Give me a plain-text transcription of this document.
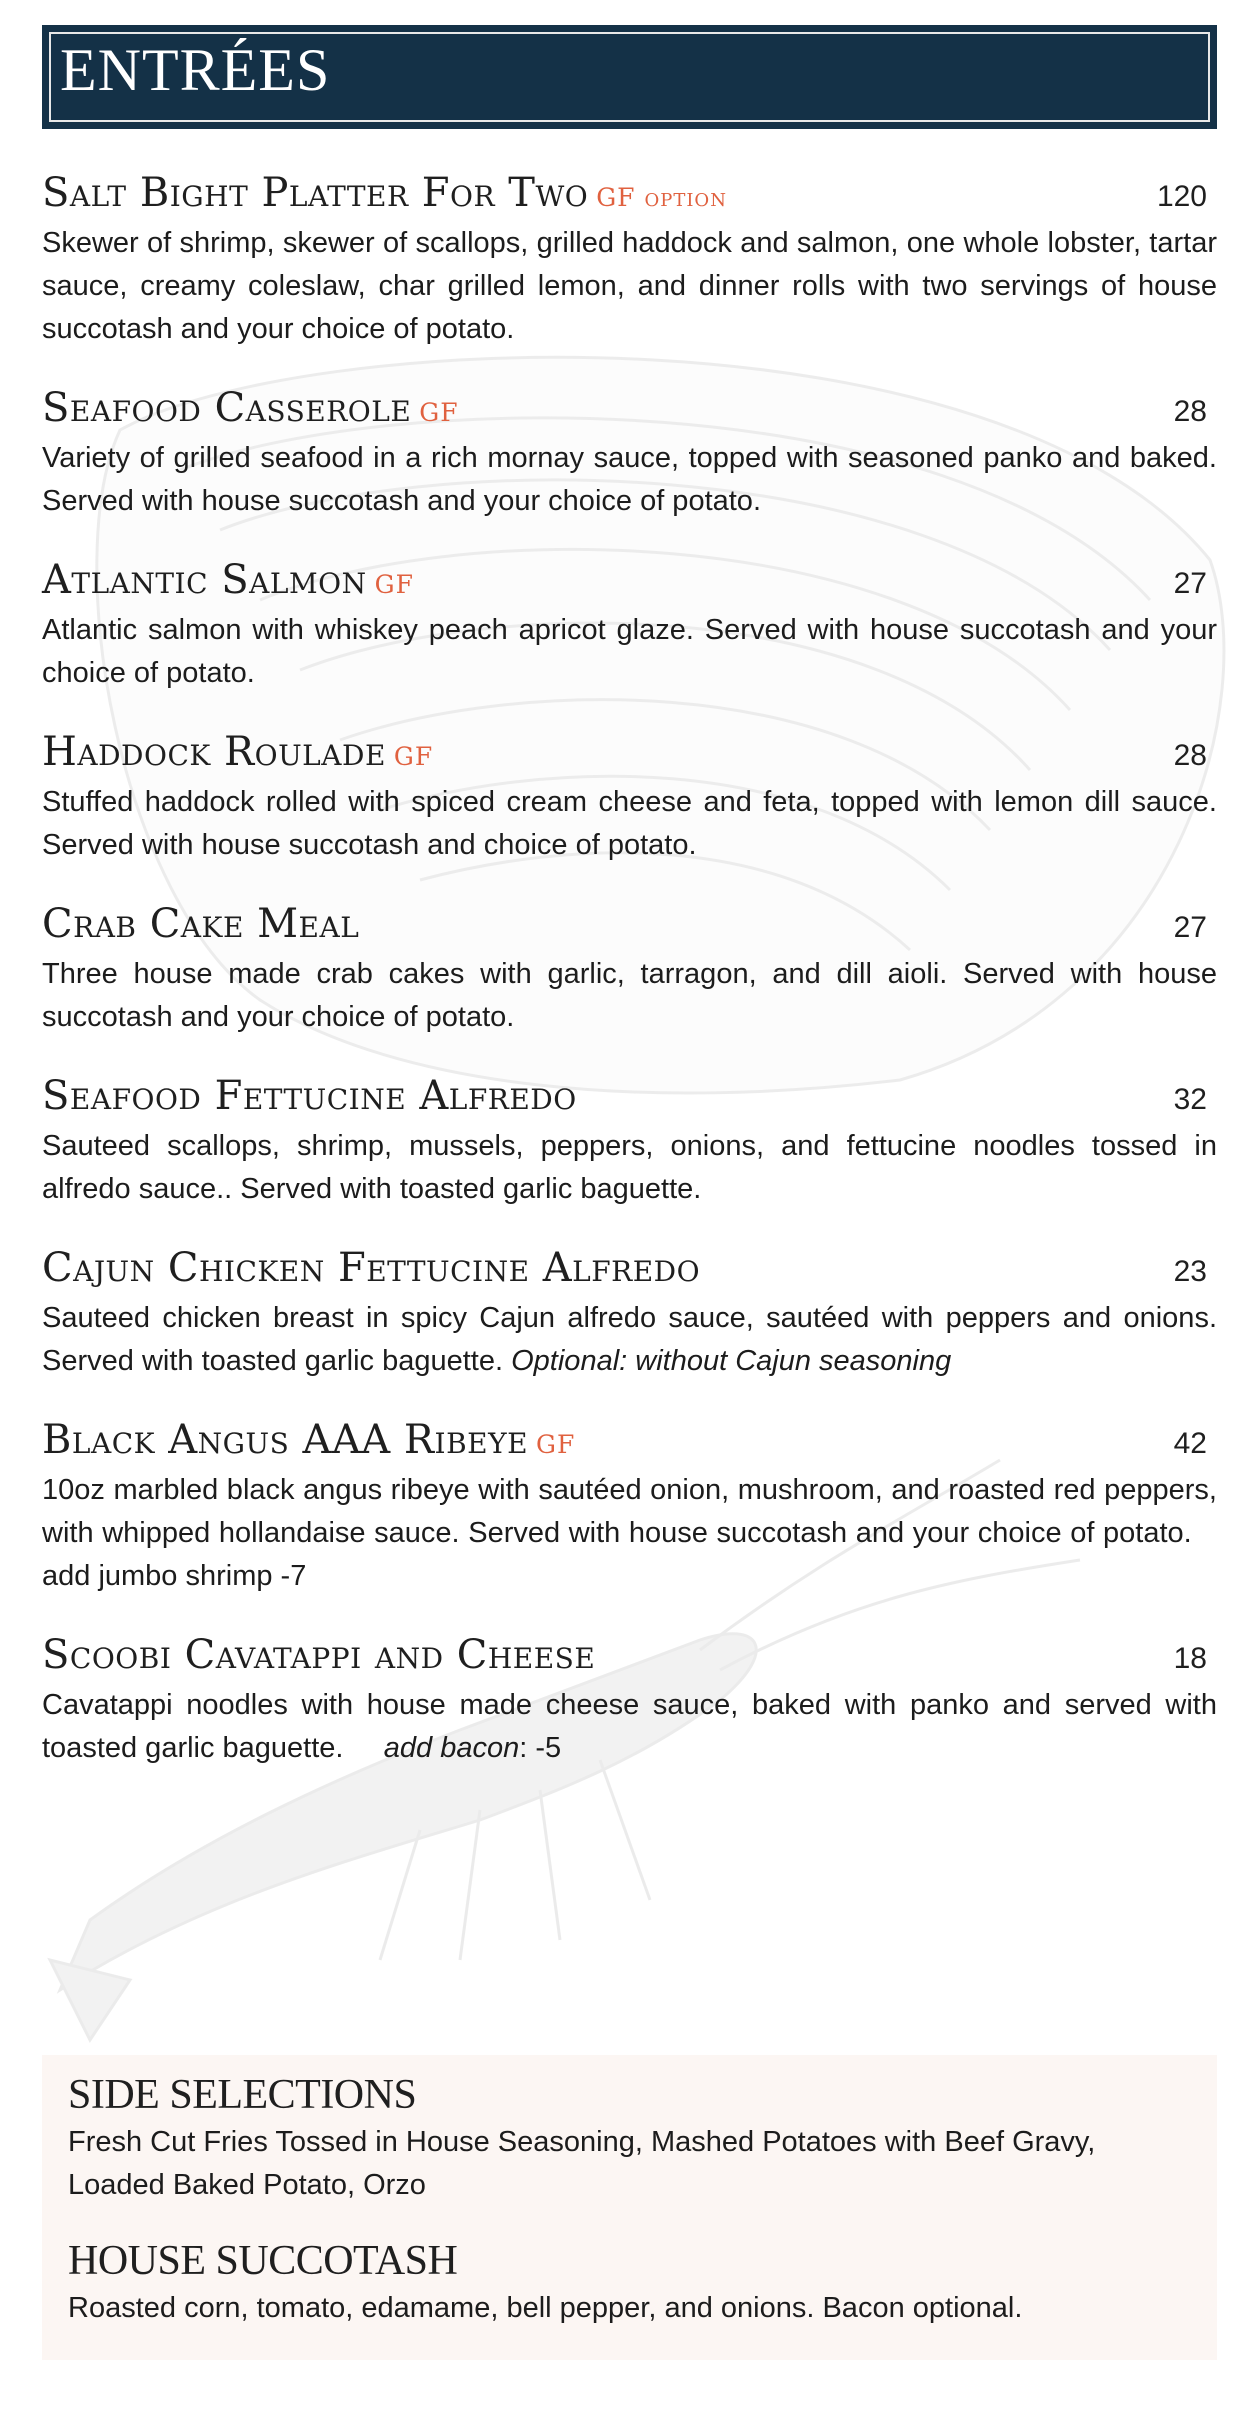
ENTRÉES
Salt Bight Platter For Two GF option	120
Skewer of shrimp, skewer of scallops, grilled haddock and salmon, one whole lobster, tartar sauce, creamy coleslaw, char grilled lemon, and dinner rolls with two servings of house succotash and your choice of potato.
Seafood Casserole GF	28
Variety of grilled seafood in a rich mornay sauce, topped with seasoned panko and baked. Served with house succotash and your choice of potato.
Atlantic Salmon GF	27
Atlantic salmon with whiskey peach apricot glaze. Served with house succotash and your choice of potato.
Haddock Roulade GF	28
Stuffed haddock rolled with spiced cream cheese and feta, topped with lemon dill sauce. Served with house succotash and choice of potato.
Crab Cake Meal	27
Three house made crab cakes with garlic, tarragon, and dill aioli. Served with house succotash and your choice of potato.
Seafood Fettucine Alfredo	32
Sauteed scallops, shrimp, mussels, peppers, onions, and fettucine noodles tossed in alfredo sauce.. Served with toasted garlic baguette.
Cajun Chicken Fettucine Alfredo	23
Sauteed chicken breast in spicy Cajun alfredo sauce, sautéed with peppers and onions. Served with toasted garlic baguette. Optional: without Cajun seasoning
Black Angus AAA Ribeye GF	42
10oz marbled black angus ribeye with sautéed onion, mushroom, and roasted red peppers, with whipped hollandaise sauce. Served with house succotash and your choice of potato.    add jumbo shrimp -7
Scoobi Cavatappi and Cheese	18
Cavatappi noodles with house made cheese sauce, baked with panko and served with toasted garlic baguette. add bacon: -5
SIDE SELECTIONS
Fresh Cut Fries Tossed in House Seasoning, Mashed Potatoes with Beef Gravy, Loaded Baked Potato, Orzo
HOUSE SUCCOTASH
Roasted corn, tomato, edamame, bell pepper, and onions. Bacon optional.
